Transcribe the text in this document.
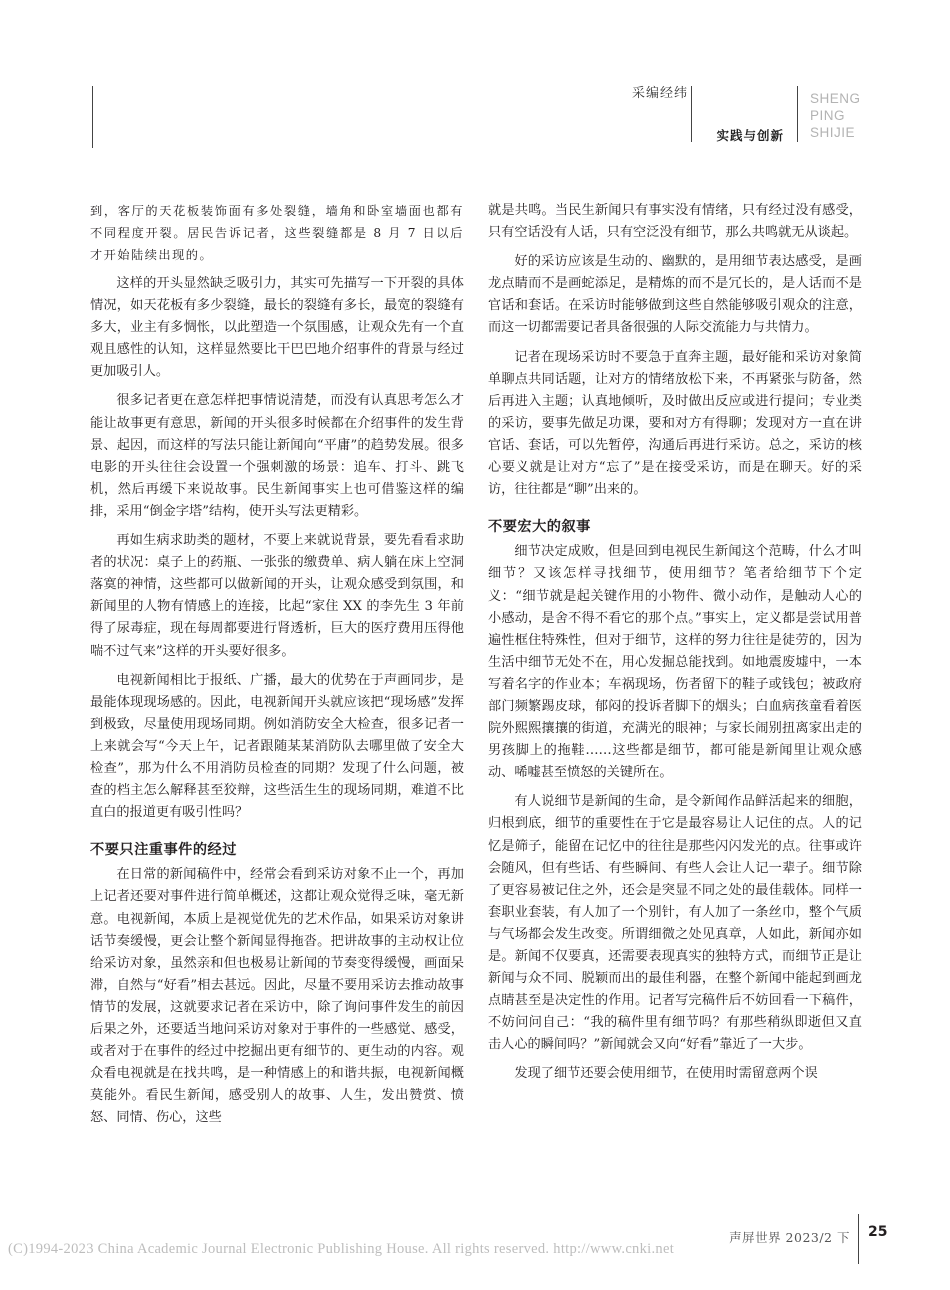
采编经纬
实践与创新
SHENG
PING
SHIJIE

到，客厅的天花板装饰面有多处裂缝，墙角和卧室墙面也都有不同程度开裂。居民告诉记者，这些裂缝都是 8 月 7 日以后才开始陆续出现的。

这样的开头显然缺乏吸引力，其实可先描写一下开裂的具体情况，如天花板有多少裂缝，最长的裂缝有多长，最宽的裂缝有多大，业主有多惆怅，以此塑造一个氛围感，让观众先有一个直观且感性的认知，这样显然要比干巴巴地介绍事件的背景与经过更加吸引人。

很多记者更在意怎样把事情说清楚，而没有认真思考怎么才能让故事更有意思，新闻的开头很多时候都在介绍事件的发生背景、起因，而这样的写法只能让新闻向“平庸”的趋势发展。很多电影的开头往往会设置一个强刺激的场景：追车、打斗、跳飞机，然后再缓下来说故事。民生新闻事实上也可借鉴这样的编排，采用“倒金字塔”结构，使开头写法更精彩。

再如生病求助类的题材，不要上来就说背景，要先看看求助者的状况：桌子上的药瓶、一张张的缴费单、病人躺在床上空洞落寞的神情，这些都可以做新闻的开头，让观众感受到氛围，和新闻里的人物有情感上的连接，比起“家住 XX 的李先生 3 年前得了尿毒症，现在每周都要进行肾透析，巨大的医疗费用压得他喘不过气来”这样的开头要好很多。

电视新闻相比于报纸、广播，最大的优势在于声画同步，是最能体现现场感的。因此，电视新闻开头就应该把“现场感”发挥到极致，尽量使用现场同期。例如消防安全大检查，很多记者一上来就会写“今天上午，记者跟随某某消防队去哪里做了安全大检查”，那为什么不用消防员检查的同期？发现了什么问题，被查的档主怎么解释甚至狡辩，这些活生生的现场同期，难道不比直白的报道更有吸引性吗？

不要只注重事件的经过

在日常的新闻稿件中，经常会看到采访对象不止一个，再加上记者还要对事件进行简单概述，这都让观众觉得乏味，毫无新意。电视新闻，本质上是视觉优先的艺术作品，如果采访对象讲话节奏缓慢，更会让整个新闻显得拖沓。把讲故事的主动权让位给采访对象，虽然亲和但也极易让新闻的节奏变得缓慢，画面呆滞，自然与“好看”相去甚远。因此，尽量不要用采访去推动故事情节的发展，这就要求记者在采访中，除了询问事件发生的前因后果之外，还要适当地问采访对象对于事件的一些感觉、感受，或者对于在事件的经过中挖掘出更有细节的、更生动的内容。观众看电视就是在找共鸣，是一种情感上的和谐共振，电视新闻概莫能外。看民生新闻，感受别人的故事、人生，发出赞赏、愤怒、同情、伤心，这些

就是共鸣。当民生新闻只有事实没有情绪，只有经过没有感受，只有空话没有人话，只有空泛没有细节，那么共鸣就无从谈起。

好的采访应该是生动的、幽默的，是用细节表达感受，是画龙点睛而不是画蛇添足，是精炼的而不是冗长的，是人话而不是官话和套话。在采访时能够做到这些自然能够吸引观众的注意，而这一切都需要记者具备很强的人际交流能力与共情力。

记者在现场采访时不要急于直奔主题，最好能和采访对象简单聊点共同话题，让对方的情绪放松下来，不再紧张与防备，然后再进入主题；认真地倾听，及时做出反应或进行提问；专业类的采访，要事先做足功课，要和对方有得聊；发现对方一直在讲官话、套话，可以先暂停，沟通后再进行采访。总之，采访的核心要义就是让对方“忘了”是在接受采访，而是在聊天。好的采访，往往都是“聊”出来的。

不要宏大的叙事

细节决定成败，但是回到电视民生新闻这个范畴，什么才叫细节？又该怎样寻找细节，使用细节？笔者给细节下个定义：“细节就是起关键作用的小物件、微小动作，是触动人心的小感动，是舍不得不看它的那个点。”事实上，定义都是尝试用普遍性框住特殊性，但对于细节，这样的努力往往是徒劳的，因为生活中细节无处不在，用心发掘总能找到。如地震废墟中，一本写着名字的作业本；车祸现场，伤者留下的鞋子或钱包；被政府部门频繁踢皮球，郁闷的投诉者脚下的烟头；白血病孩童看着医院外熙熙攘攘的街道，充满光的眼神；与家长闹别扭离家出走的男孩脚上的拖鞋……这些都是细节，都可能是新闻里让观众感动、唏嘘甚至愤怒的关键所在。

有人说细节是新闻的生命，是令新闻作品鲜活起来的细胞，归根到底，细节的重要性在于它是最容易让人记住的点。人的记忆是筛子，能留在记忆中的往往是那些闪闪发光的点。往事或许会随风，但有些话、有些瞬间、有些人会让人记一辈子。细节除了更容易被记住之外，还会是突显不同之处的最佳载体。同样一套职业套装，有人加了一个别针，有人加了一条丝巾，整个气质与气场都会发生改变。所谓细微之处见真章，人如此，新闻亦如是。新闻不仅要真，还需要表现真实的独特方式，而细节正是让新闻与众不同、脱颖而出的最佳利器，在整个新闻中能起到画龙点睛甚至是决定性的作用。记者写完稿件后不妨回看一下稿件，不妨问问自己：“我的稿件里有细节吗？有那些稍纵即逝但又直击人心的瞬间吗？”新闻就会又向“好看”靠近了一大步。

发现了细节还要会使用细节，在使用时需留意两个误

声屏世界 2023/2 下 25
(C)1994-2023 China Academic Journal Electronic Publishing House. All rights reserved. http://www.cnki.net
